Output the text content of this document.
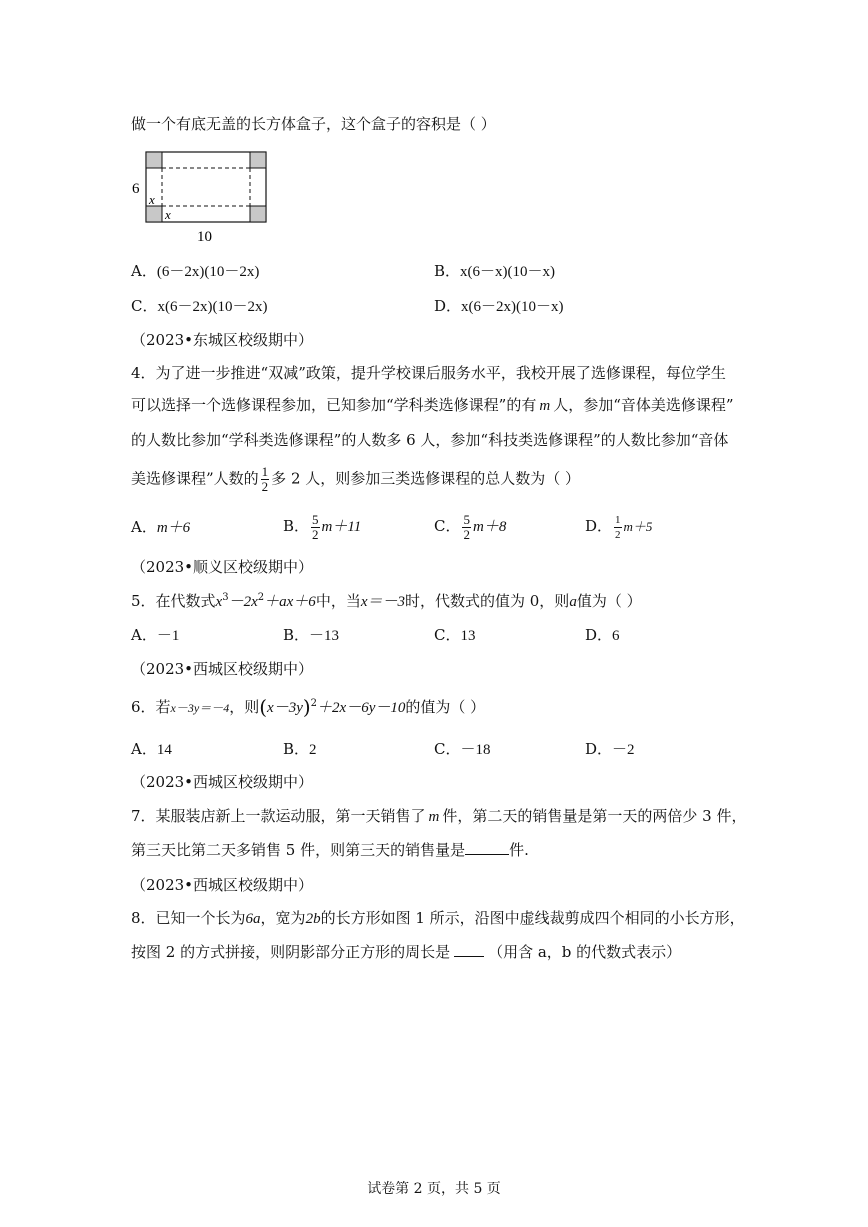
做一个有底无盖的长方体盒子，这个盒子的容积是（ ）
6
x
x
10
A．(6－2x)(10－2x)	B．x(6－x)(10－x)
C．x(6－2x)(10－2x)	D．x(6－2x)(10－x)
（2023•东城区校级期中）
4．为了进一步推进“双减”政策，提升学校课后服务水平，我校开展了选修课程，每位学生
可以选择一个选修课程参加，已知参加“学科类选修课程”的有 m 人，参加“音体美选修课程”
的人数比参加“学科类选修课程”的人数多 6 人，参加“科技类选修课程”的人数比参加“音体
美选修课程”人数的 $\frac{1}{2}$ 多 2 人，则参加三类选修课程的总人数为（ ）
A．m＋6	B． $\frac{5}{2} m+11$	C． $\frac{5}{2} m+8$	D． $\frac{1}{2} m+5$
（2023•顺义区校级期中）
5．在代数式$x^3-2x^2+ax+6$中，当x＝－3时，代数式的值为 0，则a值为（ ）
A．－1	B．－13	C．13	D．6
（2023•西城区校级期中）
6．若x－3y＝－4，则$(x-3y)^2+2x-6y-10$的值为（ ）
A．14	B．2	C．－18	D．－2
（2023•西城区校级期中）
7．某服装店新上一款运动服，第一天销售了 m 件，第二天的销售量是第一天的两倍少 3 件，
第三天比第二天多销售 5 件，则第三天的销售量是	件.
（2023•西城区校级期中）
8．已知一个长为6a，宽为2b的长方形如图 1 所示，沿图中虚线裁剪成四个相同的小长方形，
按图 2 的方式拼接，则阴影部分正方形的周长是	（用含 a，b 的代数式表示）
试卷第 2 页，共 5 页
